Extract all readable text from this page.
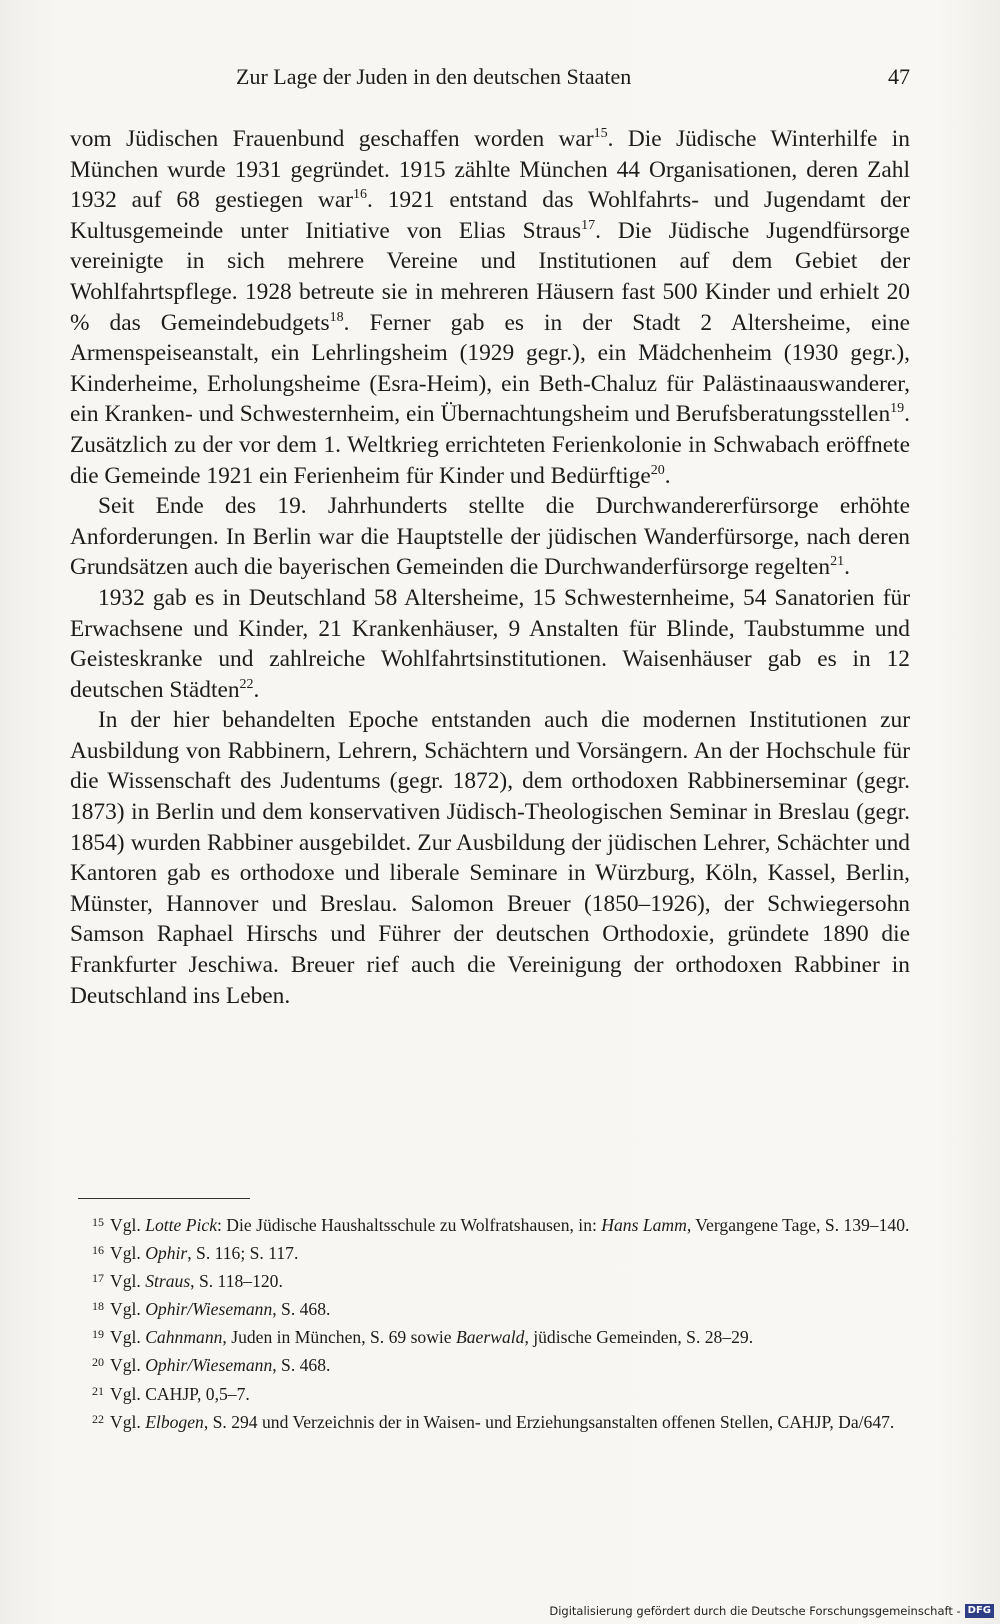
Zur Lage der Juden in den deutschen Staaten	47

vom Jüdischen Frauenbund geschaffen worden war$^{15}$. Die Jüdische Winterhilfe in München wurde 1931 gegründet. 1915 zählte München 44 Organisationen, deren Zahl 1932 auf 68 gestiegen war$^{16}$. 1921 entstand das Wohlfahrts- und Jugendamt der Kultusgemeinde unter Initiative von Elias Straus$^{17}$. Die Jüdische Jugendfürsorge vereinigte in sich mehrere Vereine und Institutionen auf dem Gebiet der Wohlfahrtspflege. 1928 betreute sie in mehreren Häusern fast 500 Kinder und erhielt 20 % das Gemeindebudgets$^{18}$. Ferner gab es in der Stadt 2 Altersheime, eine Armenspeiseanstalt, ein Lehrlingsheim (1929 gegr.), ein Mädchenheim (1930 gegr.), Kinderheime, Erholungsheime (Esra-Heim), ein Beth-Chaluz für Palästinaauswanderer, ein Kranken- und Schwesternheim, ein Übernachtungsheim und Berufsberatungsstellen$^{19}$. Zusätzlich zu der vor dem 1. Weltkrieg errichteten Ferienkolonie in Schwabach eröffnete die Gemeinde 1921 ein Ferienheim für Kinder und Bedürftige$^{20}$.

Seit Ende des 19. Jahrhunderts stellte die Durchwandererfürsorge erhöhte Anforderungen. In Berlin war die Hauptstelle der jüdischen Wanderfürsorge, nach deren Grundsätzen auch die bayerischen Gemeinden die Durchwanderfürsorge regelten$^{21}$.

1932 gab es in Deutschland 58 Altersheime, 15 Schwesternheime, 54 Sanatorien für Erwachsene und Kinder, 21 Krankenhäuser, 9 Anstalten für Blinde, Taubstumme und Geisteskranke und zahlreiche Wohlfahrtsinstitutionen. Waisenhäuser gab es in 12 deutschen Städten$^{22}$.

In der hier behandelten Epoche entstanden auch die modernen Institutionen zur Ausbildung von Rabbinern, Lehrern, Schächtern und Vorsängern. An der Hochschule für die Wissenschaft des Judentums (gegr. 1872), dem orthodoxen Rabbinerseminar (gegr. 1873) in Berlin und dem konservativen Jüdisch-Theologischen Seminar in Breslau (gegr. 1854) wurden Rabbiner ausgebildet. Zur Ausbildung der jüdischen Lehrer, Schächter und Kantoren gab es orthodoxe und liberale Seminare in Würzburg, Köln, Kassel, Berlin, Münster, Hannover und Breslau. Salomon Breuer (1850–1926), der Schwiegersohn Samson Raphael Hirschs und Führer der deutschen Orthodoxie, gründete 1890 die Frankfurter Jeschiwa. Breuer rief auch die Vereinigung der orthodoxen Rabbiner in Deutschland ins Leben.

$^{15}$ Vgl. Lotte Pick: Die Jüdische Haushaltsschule zu Wolfratshausen, in: Hans Lamm, Vergangene Tage, S. 139–140.

$^{16}$ Vgl. Ophir, S. 116; S. 117.

$^{17}$ Vgl. Straus, S. 118–120.

$^{18}$ Vgl. Ophir/Wiesemann, S. 468.

$^{19}$ Vgl. Cahnmann, Juden in München, S. 69 sowie Baerwald, jüdische Gemeinden, S. 28–29.

$^{20}$ Vgl. Ophir/Wiesemann, S. 468.

$^{21}$ Vgl. CAHJP, 0,5–7.

$^{22}$ Vgl. Elbogen, S. 294 und Verzeichnis der in Waisen- und Erziehungsanstalten offenen Stellen, CAHJP, Da/647.

Digitalisierung gefördert durch die Deutsche Forschungsgemeinschaft - DFG
